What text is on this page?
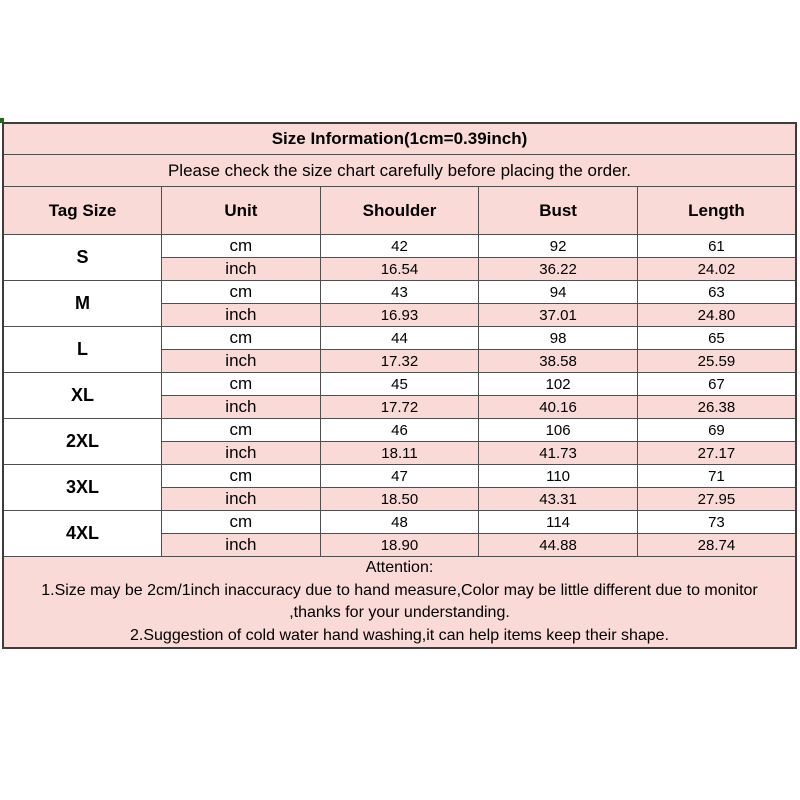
Size Information(1cm=0.39inch)				
Please check the size chart carefully before placing the order.				
Tag Size	Unit	Shoulder	Bust	Length
S	cm	42	92	61
	inch	16.54	36.22	24.02
M	cm	43	94	63
	inch	16.93	37.01	24.80
L	cm	44	98	65
	inch	17.32	38.58	25.59
XL	cm	45	102	67
	inch	17.72	40.16	26.38
2XL	cm	46	106	69
	inch	18.11	41.73	27.17
3XL	cm	47	110	71
	inch	18.50	43.31	27.95
4XL	cm	48	114	73
	inch	18.90	44.88	28.74

Attention:
1.Size may be 2cm/1inch inaccuracy due to hand measure,Color may be little different due to monitor
,thanks for your understanding.
2.Suggestion of cold water hand washing,it can help items keep their shape.				
